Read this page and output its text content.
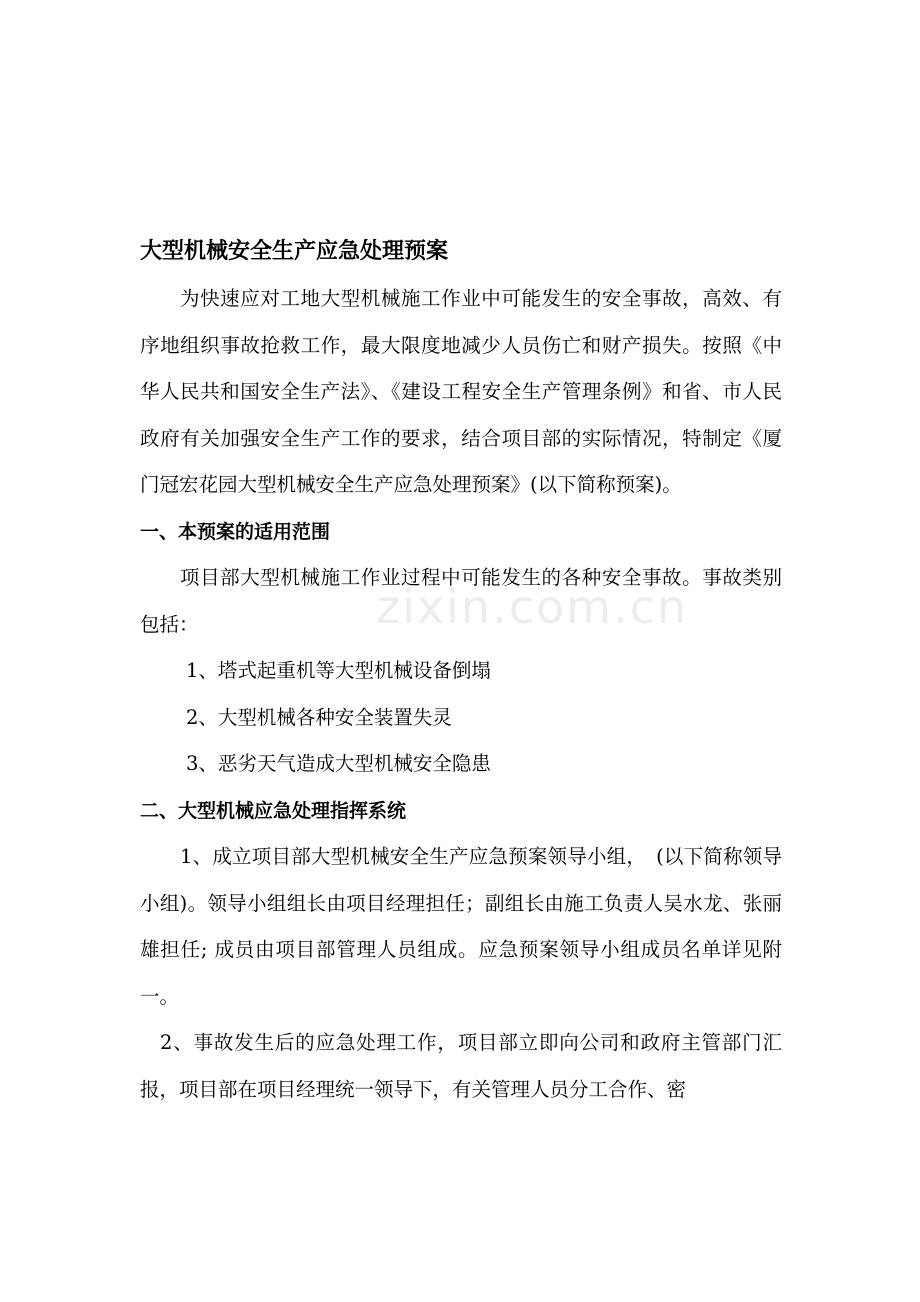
zixin.com.cn
大型机械安全生产应急处理预案

为快速应对工地大型机械施工作业中可能发生的安全事故，高效、有序地组织事故抢救工作，最大限度地减少人员伤亡和财产损失。按照《中华人民共和国安全生产法》、《建设工程安全生产管理条例》和省、市人民政府有关加强安全生产工作的要求，结合项目部的实际情况，特制定《厦门冠宏花园大型机械安全生产应急处理预案》(以下简称预案)。

一、本预案的适用范围

项目部大型机械施工作业过程中可能发生的各种安全事故。事故类别包括：

1、塔式起重机等大型机械设备倒塌

2、大型机械各种安全装置失灵

3、恶劣天气造成大型机械安全隐患

二、大型机械应急处理指挥系统

1、成立项目部大型机械安全生产应急预案领导小组，　(以下简称领导小组)。领导小组组长由项目经理担任；副组长由施工负责人吴水龙、张丽雄担任; 成员由项目部管理人员组成。应急预案领导小组成员名单详见附一。

2、事故发生后的应急处理工作，项目部立即向公司和政府主管部门汇报，项目部在项目经理统一领导下，有关管理人员分工合作、密
